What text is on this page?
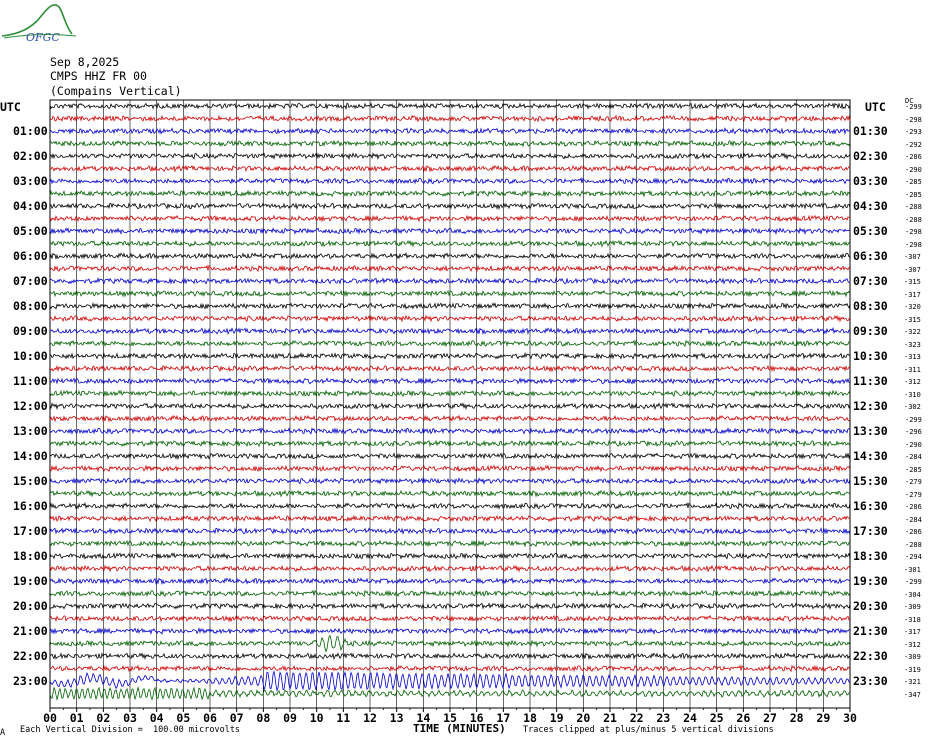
OFGC
Sep 8,2025
CMPS HHZ FR 00
(Compains Vertical)
UTC	UTC	DC
01:00
02:00
03:00
04:00
05:00
06:00
07:00
08:00
09:00
10:00
11:00
12:00
13:00
14:00
15:00
16:00
17:00
18:00
19:00
20:00
21:00
22:00
23:00
01:30
02:30
03:30
04:30
05:30
06:30
07:30
08:30
09:30
10:30
11:30
12:30
13:30
14:30
15:30
16:30
17:30
18:30
19:30
20:30
21:30
22:30
23:30
-299
-298
-293
-292
-286
-290
-285
-285
-288
-288
-298
-298
-307
-307
-315
-317
-320
-315
-322
-323
-313
-311
-312
-310
-302
-299
-296
-290
-284
-285
-279
-279
-286
-284
-286
-288
-294
-301
-299
-304
-309
-318
-317
-312
-309
-319
-321
-347
00 01 02 03 04 05 06 07 08 09 10 11 12 13 14 15 16 17 18 19 20 21 22 23 24 25 26 27 28 29 30
A Each Vertical Division =  100.00 microvolts	TIME (MINUTES) Traces clipped at plus/minus 5 vertical divisions
